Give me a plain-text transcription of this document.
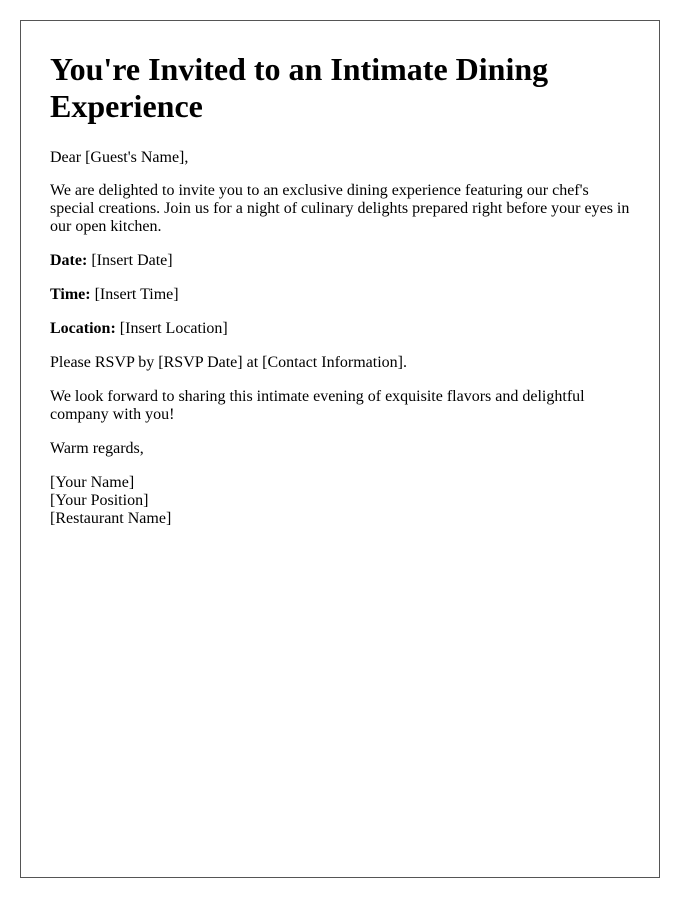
You're Invited to an Intimate Dining Experience

Dear [Guest's Name],

We are delighted to invite you to an exclusive dining experience featuring our chef's special creations. Join us for a night of culinary delights prepared right before your eyes in our open kitchen.

Date: [Insert Date]

Time: [Insert Time]

Location: [Insert Location]

Please RSVP by [RSVP Date] at [Contact Information].

We look forward to sharing this intimate evening of exquisite flavors and delightful company with you!

Warm regards,

[Your Name]

[Your Position]

[Restaurant Name]
